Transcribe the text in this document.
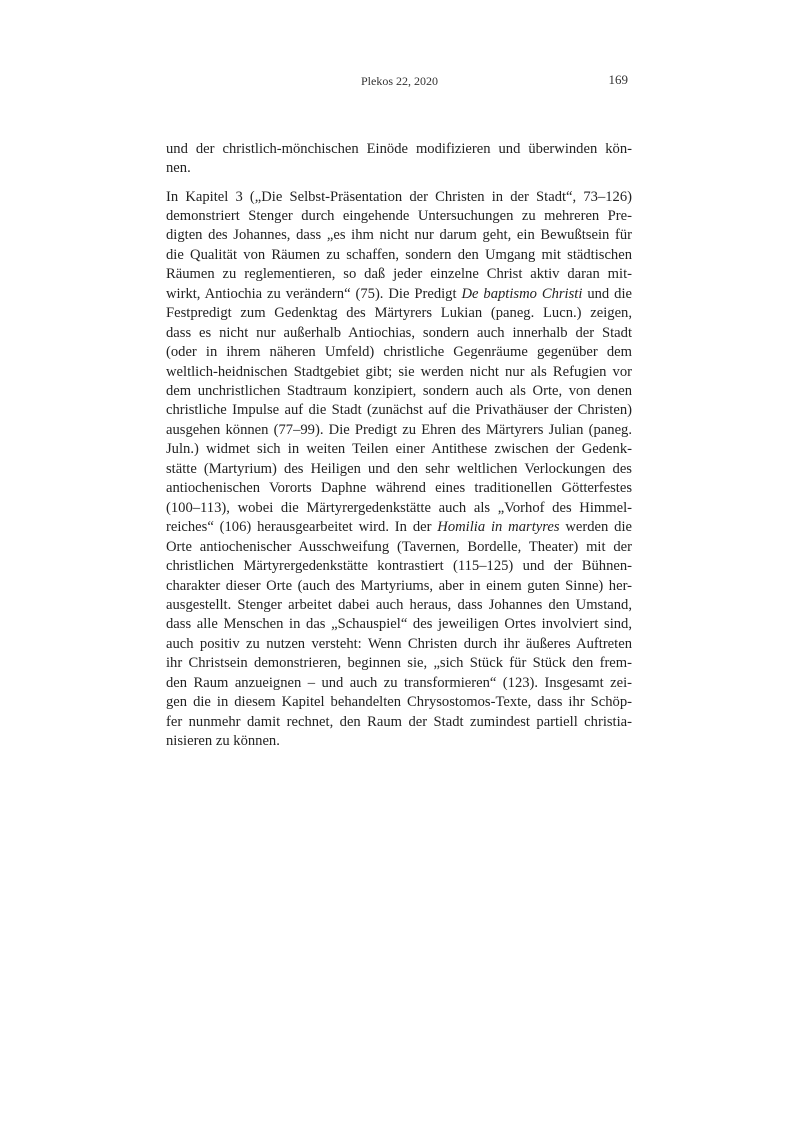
Plekos 22, 2020	169
und der christlich-mönchischen Einöde modifizieren und überwinden kön-
nen.
In Kapitel 3 („Die Selbst-Präsentation der Christen in der Stadt“, 73–126)
demonstriert Stenger durch eingehende Untersuchungen zu mehreren Pre-
digten des Johannes, dass „es ihm nicht nur darum geht, ein Bewußtsein für
die Qualität von Räumen zu schaffen, sondern den Umgang mit städtischen
Räumen zu reglementieren, so daß jeder einzelne Christ aktiv daran mit-
wirkt, Antiochia zu verändern“ (75). Die Predigt De baptismo Christi und die
Festpredigt zum Gedenktag des Märtyrers Lukian (paneg. Lucn.) zeigen,
dass es nicht nur außerhalb Antiochias, sondern auch innerhalb der Stadt
(oder in ihrem näheren Umfeld) christliche Gegenräume gegenüber dem
weltlich-heidnischen Stadtgebiet gibt; sie werden nicht nur als Refugien vor
dem unchristlichen Stadtraum konzipiert, sondern auch als Orte, von denen
christliche Impulse auf die Stadt (zunächst auf die Privathäuser der Christen)
ausgehen können (77–99). Die Predigt zu Ehren des Märtyrers Julian (paneg.
Juln.) widmet sich in weiten Teilen einer Antithese zwischen der Gedenk-
stätte (Martyrium) des Heiligen und den sehr weltlichen Verlockungen des
antiochenischen Vororts Daphne während eines traditionellen Götterfestes
(100–113), wobei die Märtyrergedenkstätte auch als „Vorhof des Himmel-
reiches“ (106) herausgearbeitet wird. In der Homilia in martyres werden die
Orte antiochenischer Ausschweifung (Tavernen, Bordelle, Theater) mit der
christlichen Märtyrergedenkstätte kontrastiert (115–125) und der Bühnen-
charakter dieser Orte (auch des Martyriums, aber in einem guten Sinne) her-
ausgestellt. Stenger arbeitet dabei auch heraus, dass Johannes den Umstand,
dass alle Menschen in das „Schauspiel“ des jeweiligen Ortes involviert sind,
auch positiv zu nutzen versteht: Wenn Christen durch ihr äußeres Auftreten
ihr Christsein demonstrieren, beginnen sie, „sich Stück für Stück den frem-
den Raum anzueignen – und auch zu transformieren“ (123). Insgesamt zei-
gen die in diesem Kapitel behandelten Chrysostomos-Texte, dass ihr Schöp-
fer nunmehr damit rechnet, den Raum der Stadt zumindest partiell christia-
nisieren zu können.
